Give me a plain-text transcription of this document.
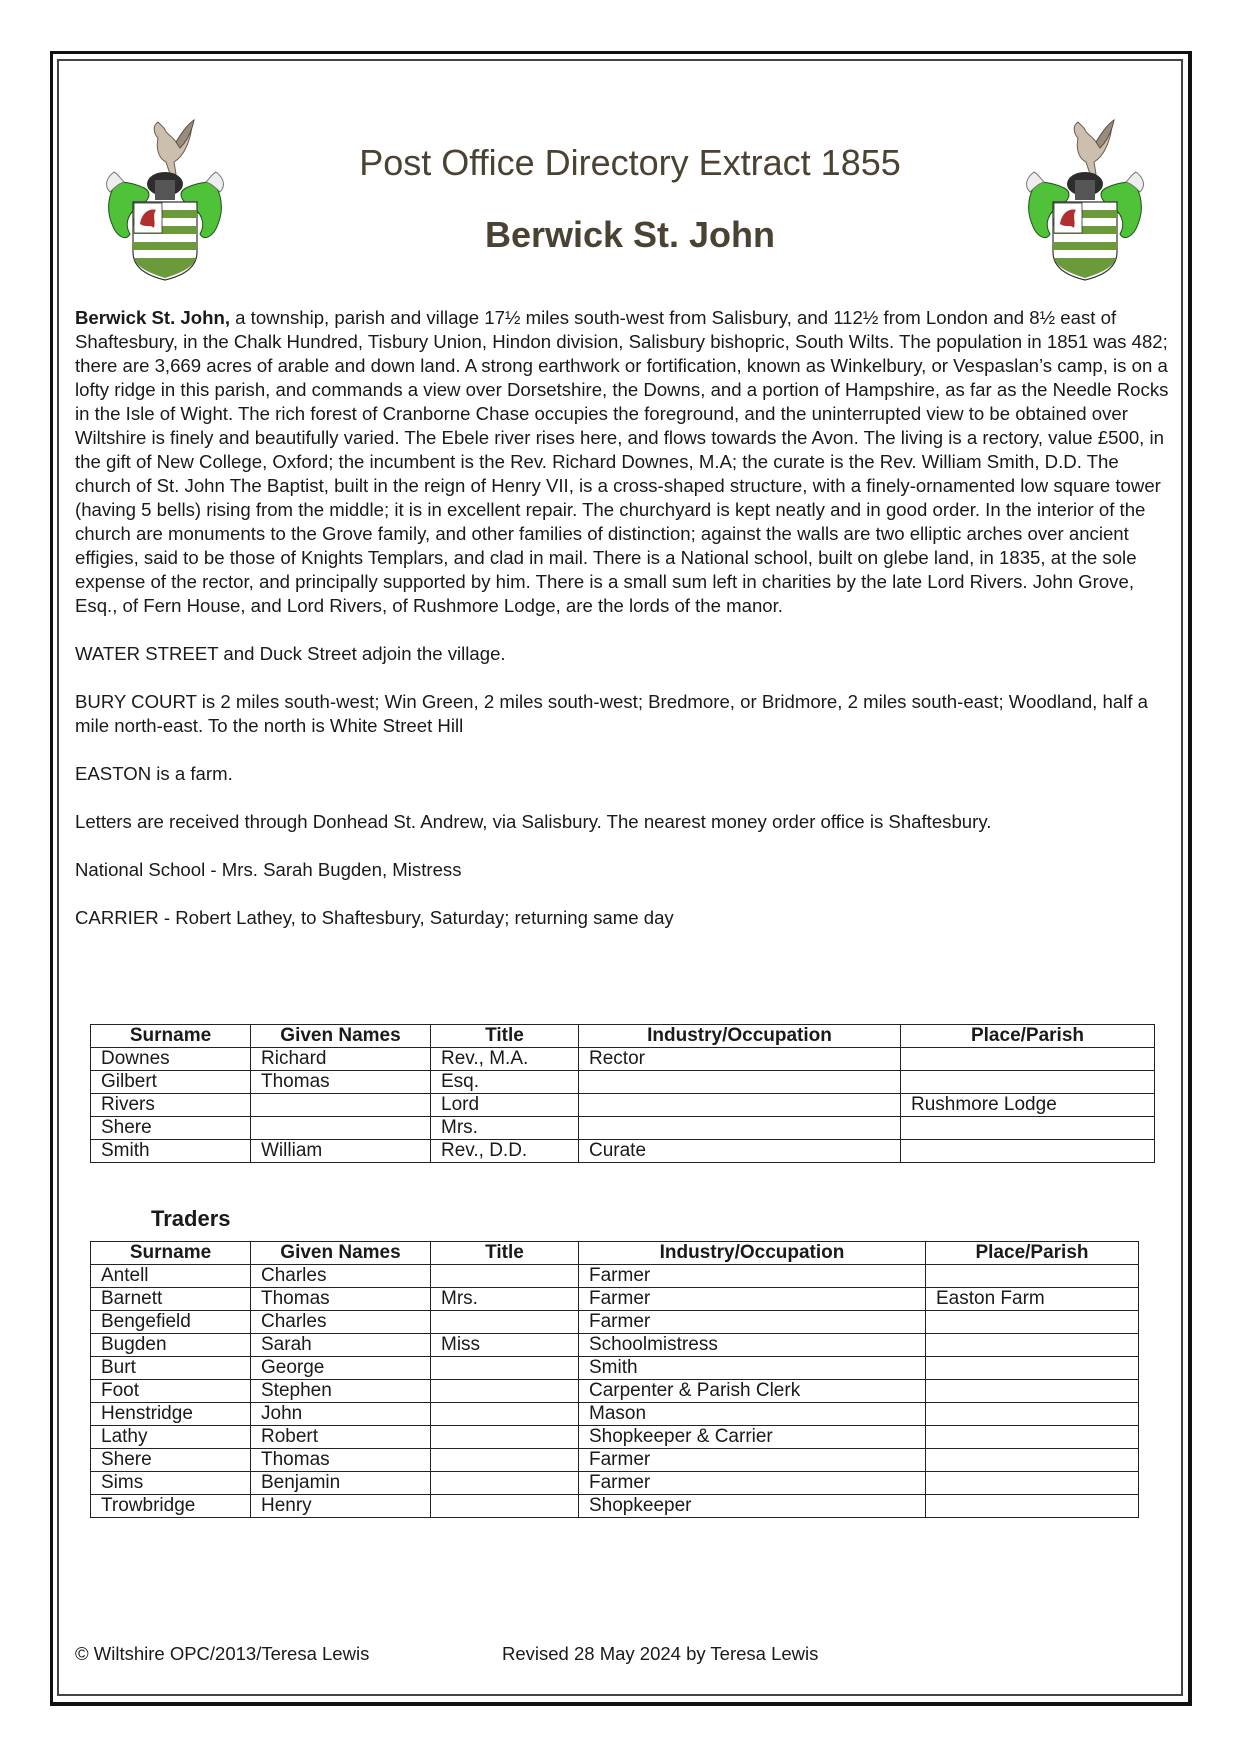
Post Office Directory Extract 1855
Berwick St. John

Berwick St. John, a township, parish and village 17½ miles south-west from Salisbury, and 112½ from London and 8½ east of Shaftesbury, in the Chalk Hundred, Tisbury Union, Hindon division, Salisbury bishopric, South Wilts. The population in 1851 was 482; there are 3,669 acres of arable and down land. A strong earthwork or fortification, known as Winkelbury, or Vespaslan’s camp, is on a lofty ridge in this parish, and commands a view over Dorsetshire, the Downs, and a portion of Hampshire, as far as the Needle Rocks in the Isle of Wight. The rich forest of Cranborne Chase occupies the foreground, and the uninterrupted view to be obtained over Wiltshire is finely and beautifully varied. The Ebele river rises here, and flows towards the Avon. The living is a rectory, value £500, in the gift of New College, Oxford; the incumbent is the Rev. Richard Downes, M.A; the curate is the Rev. William Smith, D.D. The church of St. John The Baptist, built in the reign of Henry VII, is a cross-shaped structure, with a finely-ornamented low square tower (having 5 bells) rising from the middle; it is in excellent repair. The churchyard is kept neatly and in good order. In the interior of the church are monuments to the Grove family, and other families of distinction; against the walls are two elliptic arches over ancient effigies, said to be those of Knights Templars, and clad in mail. There is a National school, built on glebe land, in 1835, at the sole expense of the rector, and principally supported by him. There is a small sum left in charities by the late Lord Rivers. John Grove, Esq., of Fern House, and Lord Rivers, of Rushmore Lodge, are the lords of the manor.

WATER STREET and Duck Street adjoin the village.

BURY COURT is 2 miles south-west; Win Green, 2 miles south-west; Bredmore, or Bridmore, 2 miles south-east; Woodland, half a mile north-east. To the north is White Street Hill

EASTON is a farm.

Letters are received through Donhead St. Andrew, via Salisbury. The nearest money order office is Shaftesbury.

National School - Mrs. Sarah Bugden, Mistress

CARRIER - Robert Lathey, to Shaftesbury, Saturday; returning same day

Surname	Given Names	Title	Industry/Occupation	Place/Parish
Downes	Richard	Rev., M.A.	Rector	
Gilbert	Thomas	Esq.		
Rivers		Lord		Rushmore Lodge
Shere		Mrs.		
Smith	William	Rev., D.D.	Curate	
Traders
Surname	Given Names	Title	Industry/Occupation	Place/Parish
Antell	Charles		Farmer	
Barnett	Thomas	Mrs.	Farmer	Easton Farm
Bengefield	Charles		Farmer	
Bugden	Sarah	Miss	Schoolmistress	
Burt	George		Smith	
Foot	Stephen		Carpenter & Parish Clerk	
Henstridge	John		Mason	
Lathy	Robert		Shopkeeper & Carrier	
Shere	Thomas		Farmer	
Sims	Benjamin		Farmer	
Trowbridge	Henry		Shopkeeper	
© Wiltshire OPC/2013/Teresa Lewis	Revised 28 May 2024 by Teresa Lewis
